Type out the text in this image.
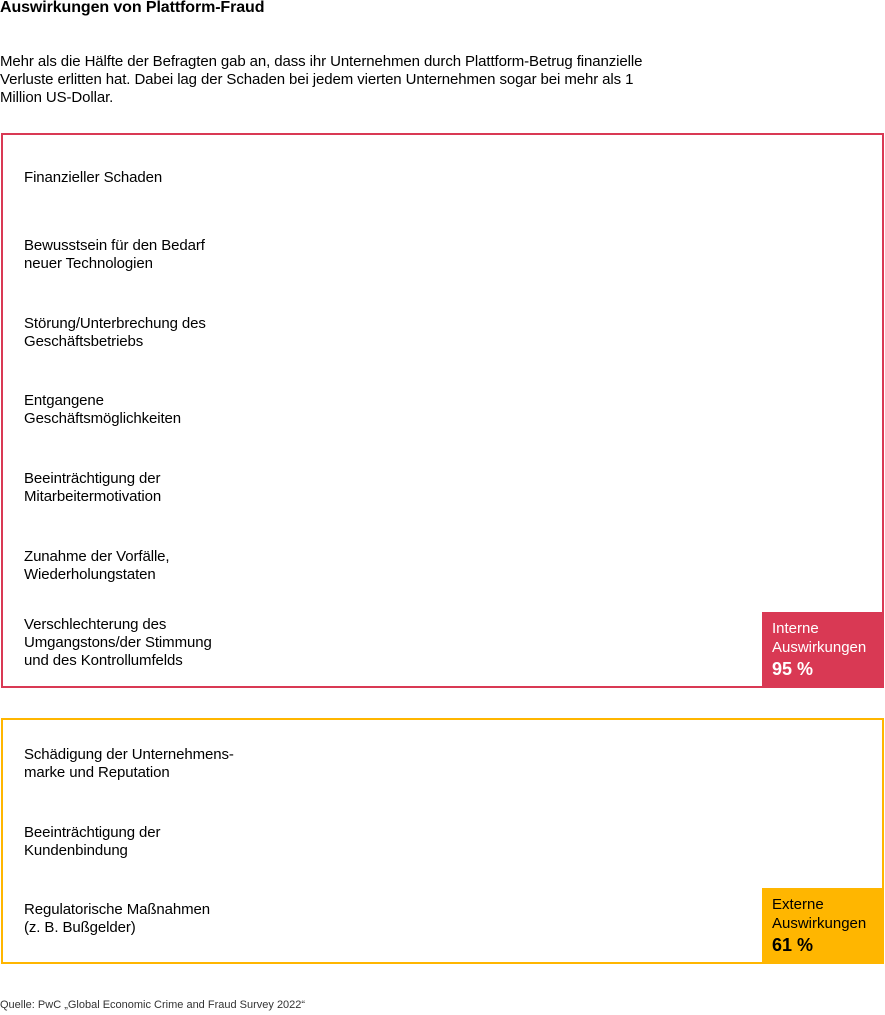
Auswirkungen von Plattform-Fraud
Mehr als die Hälfte der Befragten gab an, dass ihr Unternehmen durch Plattform-Betrug finanzielle Verluste erlitten hat. Dabei lag der Schaden bei jedem vierten Unternehmen sogar bei mehr als 1 Million US-Dollar.
Finanzieller Schaden
Bewusstsein für den Bedarf
neuer Technologien
Störung/Unterbrechung des
Geschäftsbetriebs
Entgangene
Geschäftsmöglichkeiten
Beeinträchtigung der
Mitarbeitermotivation
Zunahme der Vorfälle,
Wiederholungstaten
Verschlechterung des
Umgangstons/der Stimmung
und des Kontrollumfelds
Interne
Auswirkungen
95 %
Schädigung der Unternehmens-
marke und Reputation
Beeinträchtigung der
Kundenbindung
Regulatorische Maßnahmen
(z. B. Bußgelder)
Externe
Auswirkungen
61 %
Quelle: PwC „Global Economic Crime and Fraud Survey 2022“
